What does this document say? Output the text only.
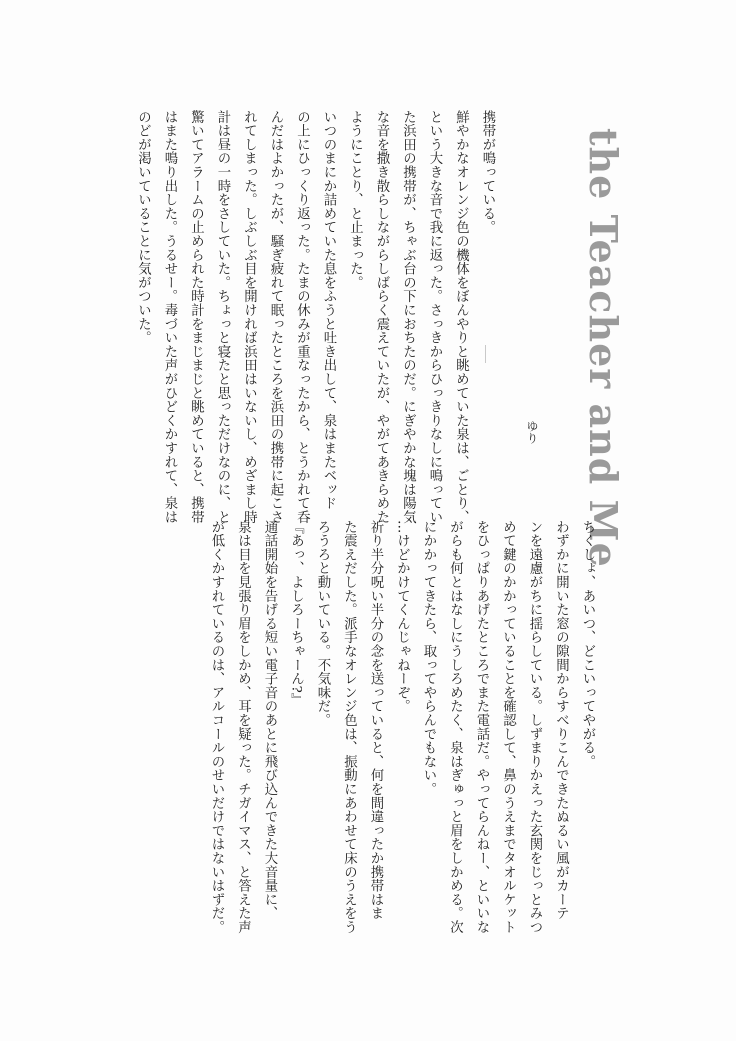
the Teacher and Me
ゆり

携帯が鳴っている。

鮮やかなオレンジ色の機体をぼんやりと眺めていた泉は、ごとり、

という大きな音で我に返った。さっきからひっきりなしに鳴ってい

た浜田の携帯が、ちゃぶ台の下におちたのだ。にぎやかな塊は陽気

な音を撒き散らしながらしばらく震えていたが、やがてあきらめた

ようにことり、と止まった。

いつのまにか詰めていた息をふうと吐き出して、泉はまたベッド

の上にひっくり返った。たまの休みが重なったから、とうかれて呑

んだはよかったが、騒ぎ疲れて眠ったところを浜田の携帯に起こさ

れてしまった。しぶしぶ目を開ければ浜田はいないし、めざまし時

計は昼の一時をさしていた。ちょっと寝たと思っただけなのに、と

驚いてアラームの止められた時計をまじまじと眺めていると、携帯

はまた鳴り出した。うるせー。毒づいた声がひどくかすれて、泉は

のどが渇いていることに気がついた。

ちくしょ、あいつ、どこいってやがる。

わずかに開いた窓の隙間からすべりこんできたぬるい風がカーテ

ンを遠慮がちに揺らしている。しずまりかえった玄関をじっとみつ

めて鍵のかかっていることを確認して、鼻のうえまでタオルケット

をひっぱりあげたところでまた電話だ。やってらんねー、といいな

がらも何とはなしにうしろめたく、泉はぎゅっと眉をしかめる。次

にかかってきたら、取ってやらんでもない。

…けどかけてくんじゃねーぞ。

祈り半分呪い半分の念を送っていると、何を間違ったか携帯はま

た震えだした。派手なオレンジ色は、振動にあわせて床のうえをう

ろうろと動いている。不気味だ。

『あっ、よしろーちゃーん?』

通話開始を告げる短い電子音のあとに飛び込んできた大音量に、

泉は目を見張り眉をしかめ、耳を疑った。チガイマス、と答えた声

が低くかすれているのは、アルコールのせいだけではないはずだ。
